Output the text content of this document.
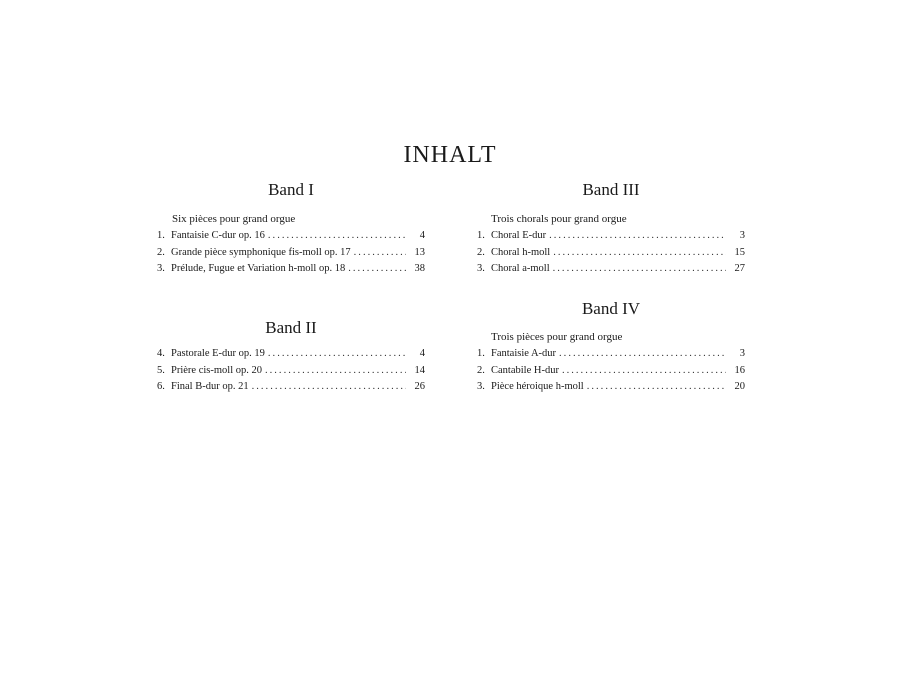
INHALT
Band I

Six pièces pour grand orgue

1. Fantaisie C-dur op. 16 . . .	4
2. Grande pièce symphonique fis-moll op. 17 . . .	13
3. Prélude, Fugue et Variation h-moll op. 18 . . .	38
Band II
4. Pastorale E-dur op. 19 . . .	4
5. Prière cis-moll op. 20 . . .	14
6. Final B-dur op. 21 . . .	26
Band III

Trois chorals pour grand orgue

1. Choral E-dur . . .	3
2. Choral h-moll . . .	15
3. Choral a-moll . . .	27
Band IV

Trois pièces pour grand orgue

1. Fantaisie A-dur . . .	3
2. Cantabile H-dur . . .	16
3. Pièce héroique h-moll . . .	20
